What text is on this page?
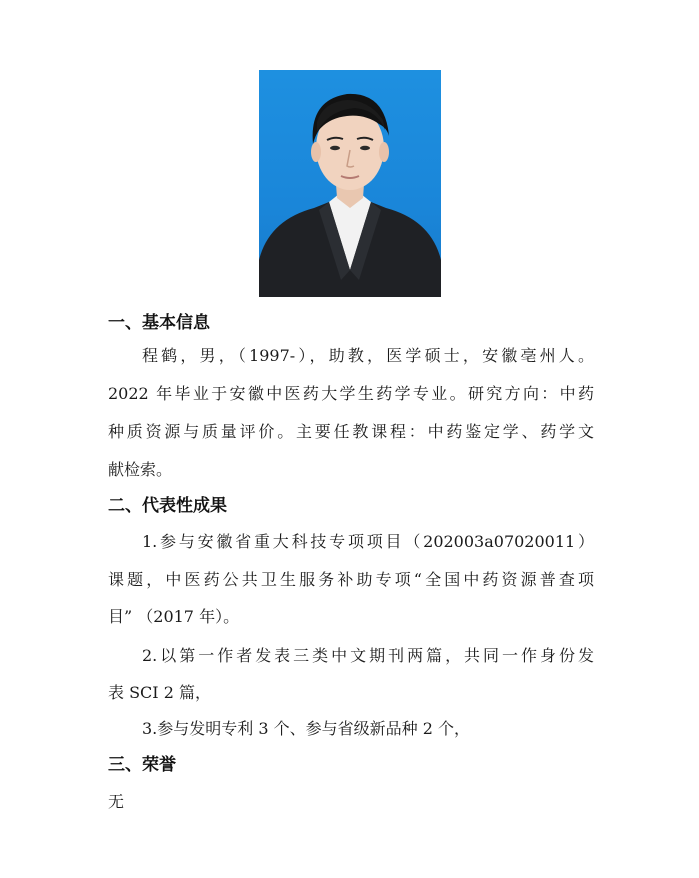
一、基本信息
程鹤，男，（1997-），助教，医学硕士，安徽亳州人。
2022 年毕业于安徽中医药大学生药学专业。研究方向：中药
种质资源与质量评价。主要任教课程：中药鉴定学、药学文
献检索。
二、代表性成果
1.参与安徽省重大科技专项项目（202003a07020011）
课题，中医药公共卫生服务补助专项“全国中药资源普查项
目” （2017 年）。
2.以第一作者发表三类中文期刊两篇，共同一作身份发
表 SCI 2 篇，
3.参与发明专利 3 个、参与省级新品种 2 个，
三、荣誉
无
